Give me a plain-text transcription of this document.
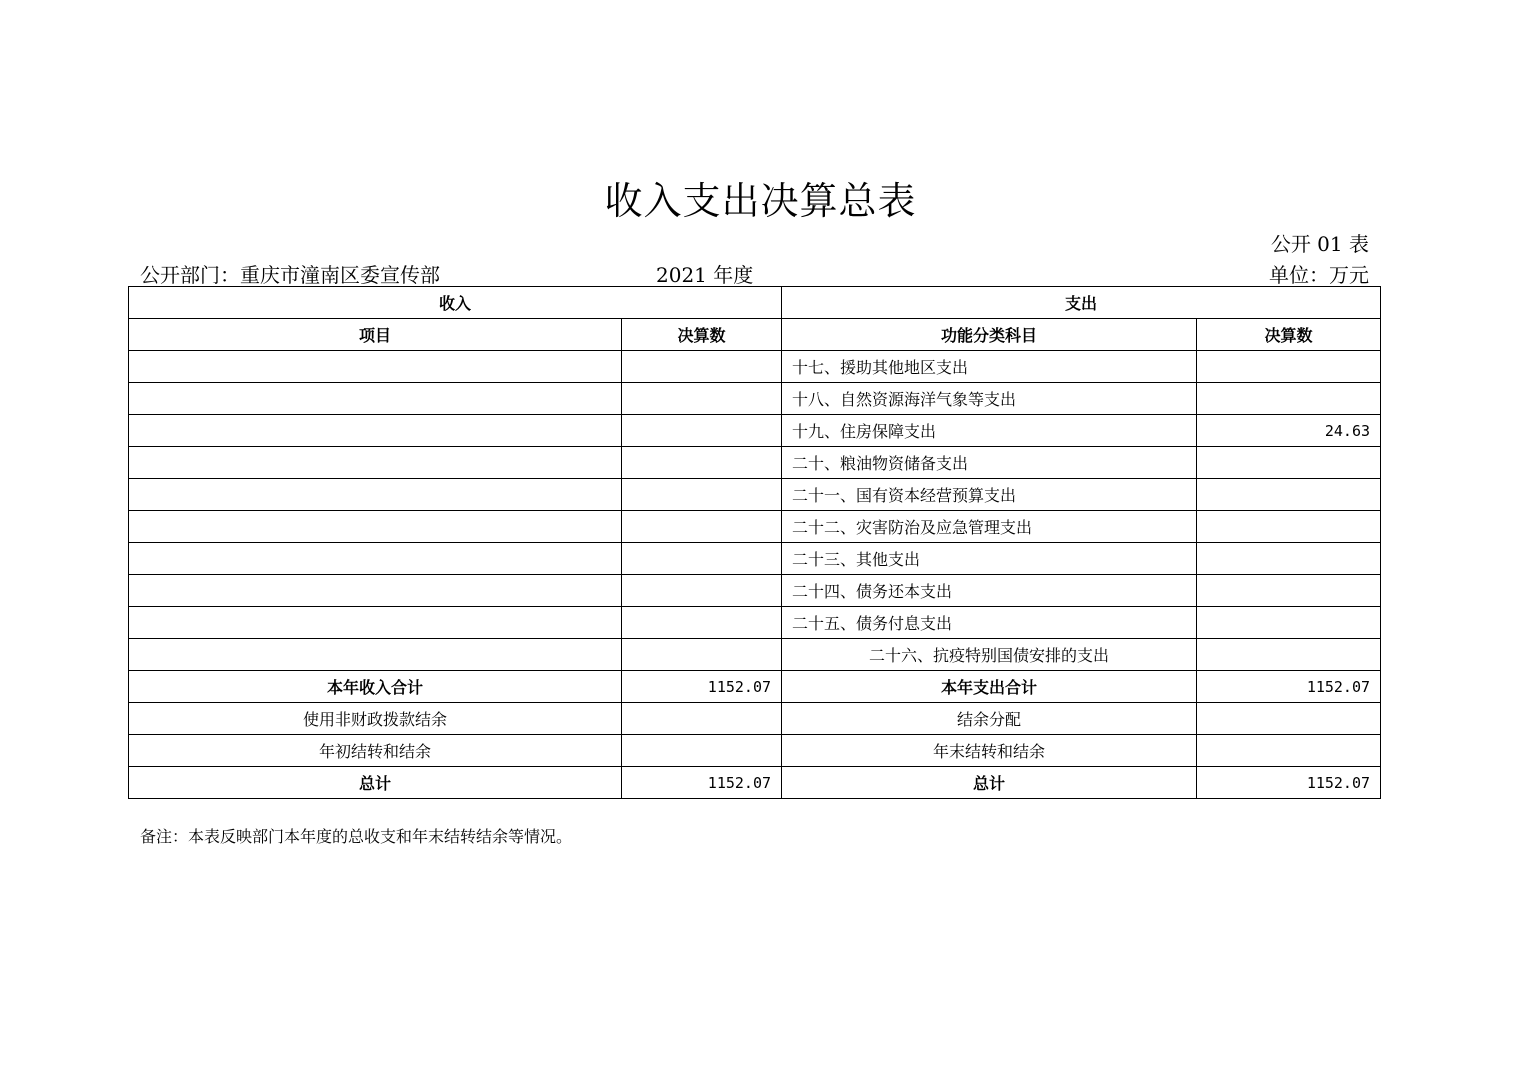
收入支出决算总表
公开 01 表
公开部门：重庆市潼南区委宣传部	2021 年度	单位：万元
收入		支出	
项目	决算数	功能分类科目	决算数
		十七、援助其他地区支出	
		十八、自然资源海洋气象等支出	
		十九、住房保障支出	24.63
		二十、粮油物资储备支出	
		二十一、国有资本经营预算支出	
		二十二、灾害防治及应急管理支出	
		二十三、其他支出	
		二十四、债务还本支出	
		二十五、债务付息支出	
		二十六、抗疫特别国债安排的支出	
本年收入合计	1152.07	本年支出合计	1152.07
使用非财政拨款结余		结余分配	
年初结转和结余		年末结转和结余	
总计	1152.07	总计	1152.07
备注：本表反映部门本年度的总收支和年末结转结余等情况。
